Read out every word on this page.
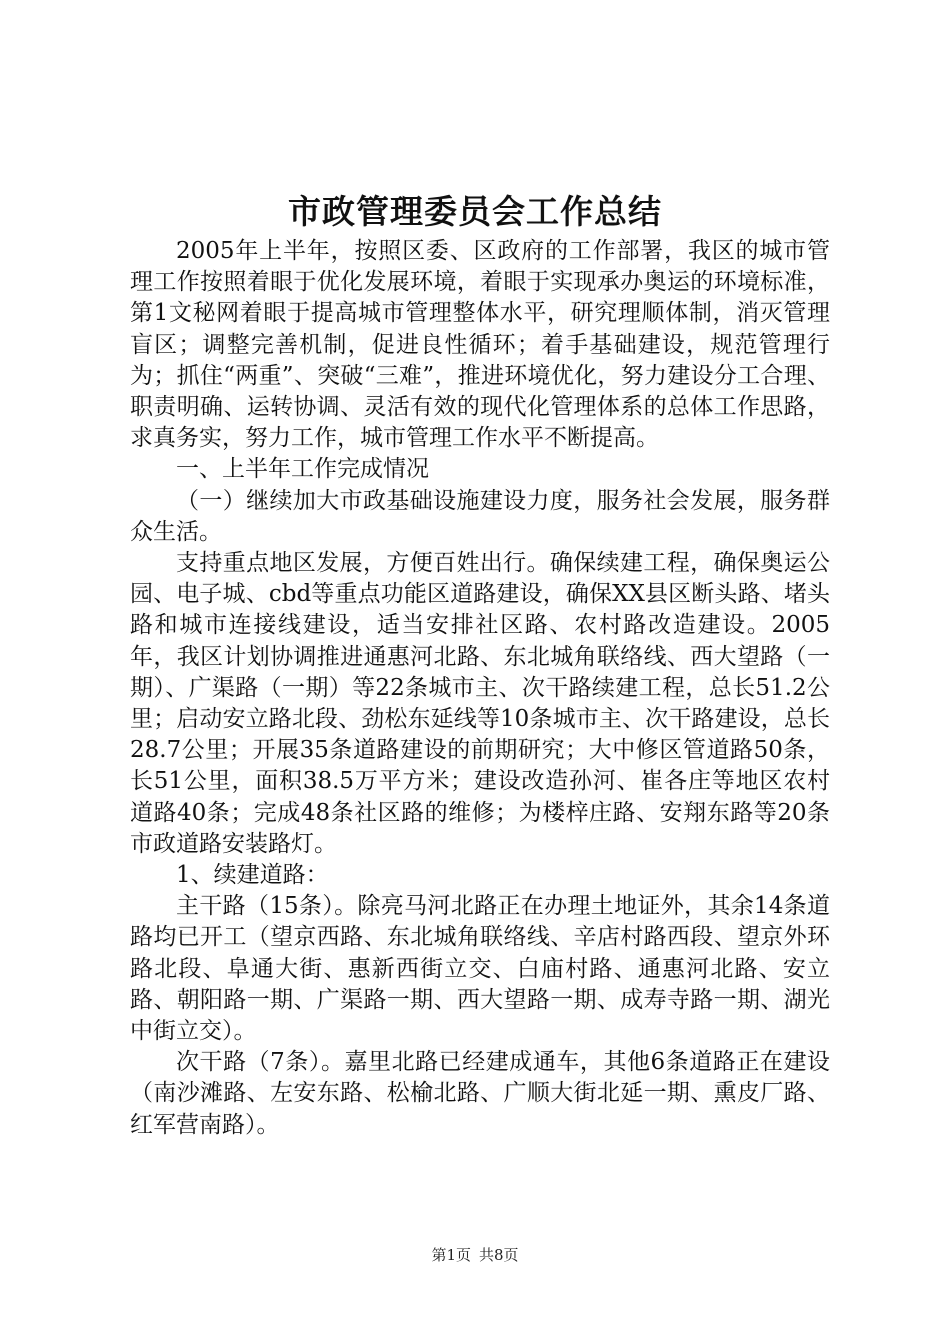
市政管理委员会工作总结

2005年上半年，按照区委、区政府的工作部署，我区的城市管理工作按照着眼于优化发展环境，着眼于实现承办奥运的环境标准，第1文秘网着眼于提高城市管理整体水平，研究理顺体制，消灭管理盲区；调整完善机制，促进良性循环；着手基础建设，规范管理行为；抓住“两重”、突破“三难”，推进环境优化，努力建设分工合理、职责明确、运转协调、灵活有效的现代化管理体系的总体工作思路，求真务实，努力工作，城市管理工作水平不断提高。

一、上半年工作完成情况

（一）继续加大市政基础设施建设力度，服务社会发展，服务群众生活。

支持重点地区发展，方便百姓出行。确保续建工程，确保奥运公园、电子城、cbd等重点功能区道路建设，确保XX县区断头路、堵头路和城市连接线建设，适当安排社区路、农村路改造建设。2005年，我区计划协调推进通惠河北路、东北城角联络线、西大望路（一期）、广渠路（一期）等22条城市主、次干路续建工程，总长51.2公里；启动安立路北段、劲松东延线等10条城市主、次干路建设，总长28.7公里；开展35条道路建设的前期研究；大中修区管道路50条，长51公里，面积38.5万平方米；建设改造孙河、崔各庄等地区农村道路40条；完成48条社区路的维修；为楼梓庄路、安翔东路等20条市政道路安装路灯。

1、续建道路：

主干路（15条）。除亮马河北路正在办理土地证外，其余14条道路均已开工（望京西路、东北城角联络线、辛店村路西段、望京外环路北段、阜通大街、惠新西街立交、白庙村路、通惠河北路、安立路、朝阳路一期、广渠路一期、西大望路一期、成寿寺路一期、湖光中街立交）。

次干路（7条）。嘉里北路已经建成通车，其他6条道路正在建设（南沙滩路、左安东路、松榆北路、广顺大街北延一期、熏皮厂路、红军营南路）。

第1页 共8页
